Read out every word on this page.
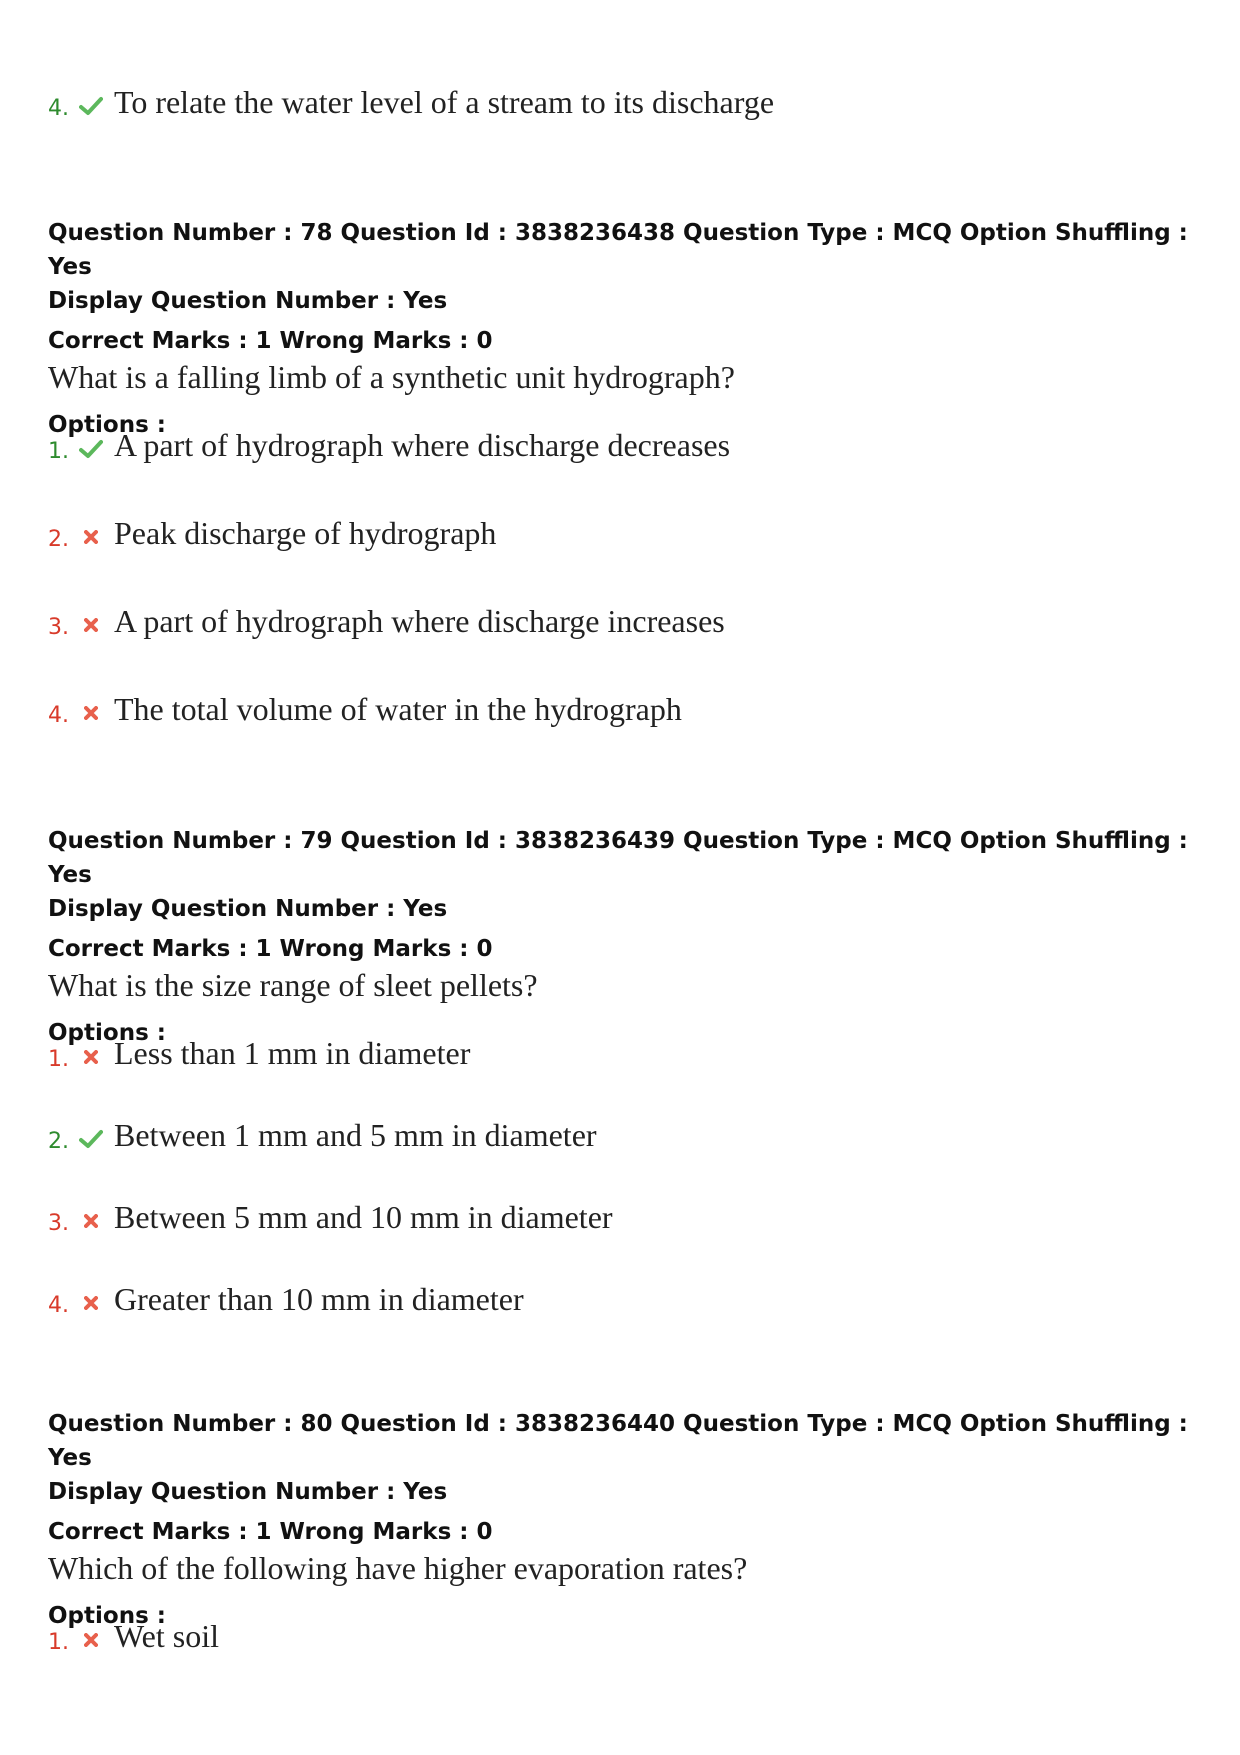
4. To relate the water level of a stream to its discharge
Question Number : 78 Question Id : 3838236438 Question Type : MCQ Option Shuffling : Yes
Display Question Number : Yes
Correct Marks : 1 Wrong Marks : 0
What is a falling limb of a synthetic unit hydrograph?
Options :
1. A part of hydrograph where discharge decreases
2. Peak discharge of hydrograph
3. A part of hydrograph where discharge increases
4. The total volume of water in the hydrograph
Question Number : 79 Question Id : 3838236439 Question Type : MCQ Option Shuffling : Yes
Display Question Number : Yes
Correct Marks : 1 Wrong Marks : 0
What is the size range of sleet pellets?
Options :
1. Less than 1 mm in diameter
2. Between 1 mm and 5 mm in diameter
3. Between 5 mm and 10 mm in diameter
4. Greater than 10 mm in diameter
Question Number : 80 Question Id : 3838236440 Question Type : MCQ Option Shuffling : Yes
Display Question Number : Yes
Correct Marks : 1 Wrong Marks : 0
Which of the following have higher evaporation rates?
Options :
1. Wet soil
